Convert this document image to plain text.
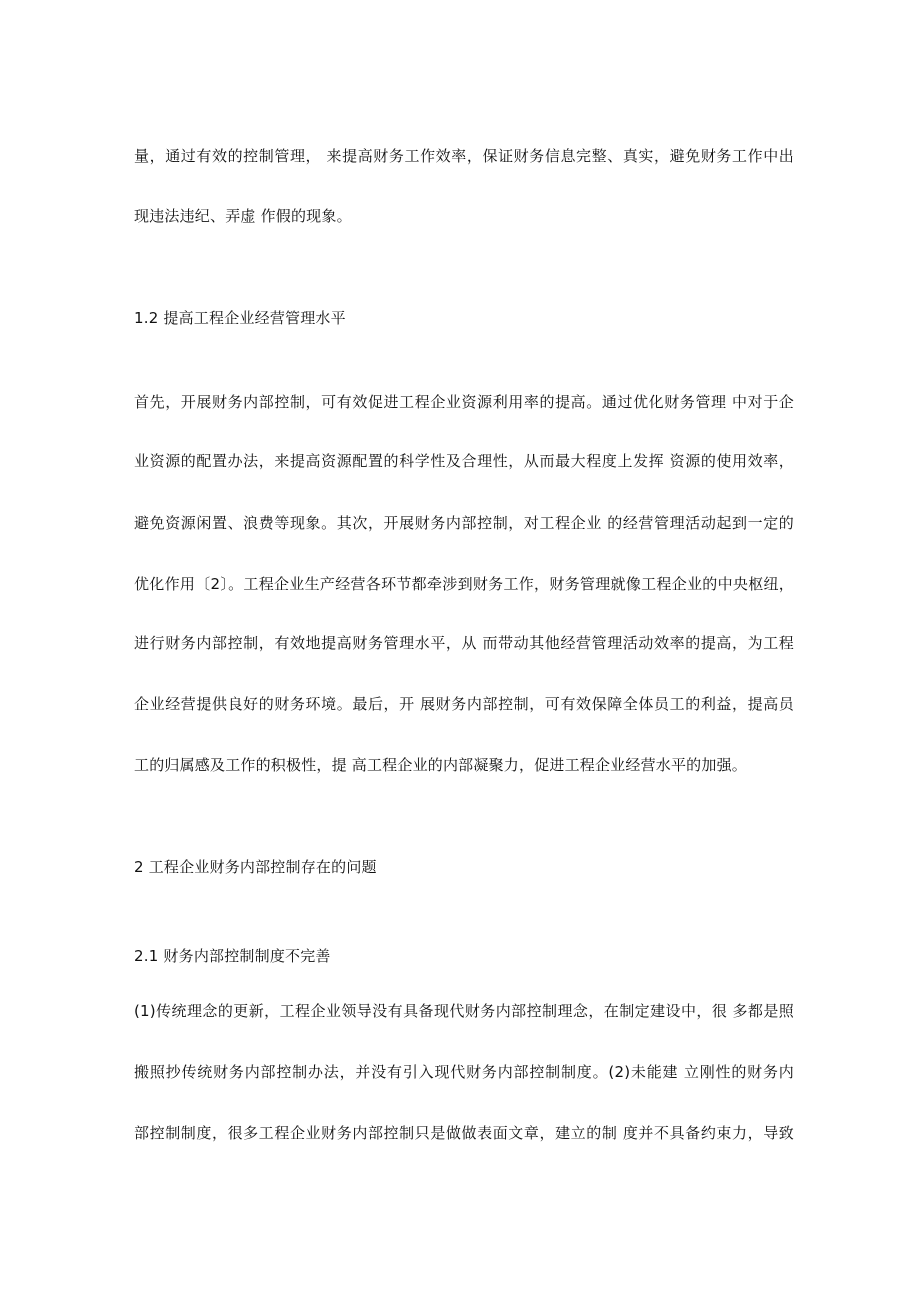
量，通过有效的控制管理， 来提高财务工作效率，保证财务信息完整、真实，避免财务工作中出
现违法违纪、弄虚 作假的现象。
1.2 提高工程企业经营管理水平
首先，开展财务内部控制，可有效促进工程企业资源利用率的提高。通过优化财务管理 中对于企
业资源的配置办法，来提高资源配置的科学性及合理性，从而最大程度上发挥 资源的使用效率，
避免资源闲置、浪费等现象。其次，开展财务内部控制，对工程企业 的经营管理活动起到一定的
优化作用〔2〕。工程企业生产经营各环节都牵涉到财务工作，财务管理就像工程企业的中央枢纽，
进行财务内部控制，有效地提高财务管理水平，从 而带动其他经营管理活动效率的提高，为工程
企业经营提供良好的财务环境。最后，开 展财务内部控制，可有效保障全体员工的利益，提高员
工的归属感及工作的积极性，提 高工程企业的内部凝聚力，促进工程企业经营水平的加强。
2 工程企业财务内部控制存在的问题
2.1 财务内部控制制度不完善
(1)传统理念的更新，工程企业领导没有具备现代财务内部控制理念，在制定建设中，很 多都是照
搬照抄传统财务内部控制办法，并没有引入现代财务内部控制制度。(2)未能建 立刚性的财务内
部控制制度，很多工程企业财务内部控制只是做做表面文章，建立的制 度并不具备约束力，导致
